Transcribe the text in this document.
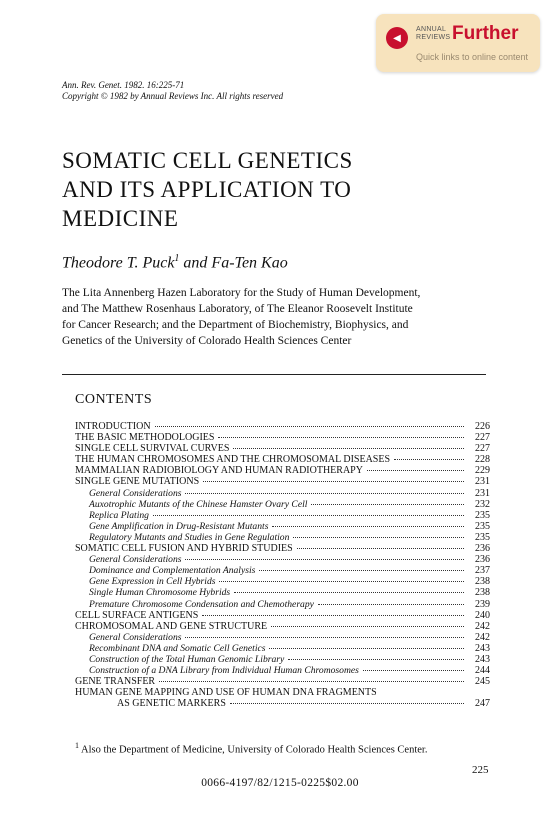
◀
ANNUAL
REVIEWS Further
Quick links to online content
Ann. Rev. Genet. 1982. 16:225-71
Copyright © 1982 by Annual Reviews Inc. All rights reserved
SOMATIC CELL GENETICS
AND ITS APPLICATION TO
MEDICINE
Theodore T. Puck$^1$ and Fa-Ten Kao
The Lita Annenberg Hazen Laboratory for the Study of Human Development,
and The Matthew Rosenhaus Laboratory, of The Eleanor Roosevelt Institute
for Cancer Research; and the Department of Biochemistry, Biophysics, and
Genetics of the University of Colorado Health Sciences Center
CONTENTS
INTRODUCTION	226
THE BASIC METHODOLOGIES	227
SINGLE CELL SURVIVAL CURVES	227
THE HUMAN CHROMOSOMES AND THE CHROMOSOMAL DISEASES	228
MAMMALIAN RADIOBIOLOGY AND HUMAN RADIOTHERAPY	229
SINGLE GENE MUTATIONS	231
General Considerations	231
Auxotrophic Mutants of the Chinese Hamster Ovary Cell	232
Replica Plating	235
Gene Amplification in Drug-Resistant Mutants	235
Regulatory Mutants and Studies in Gene Regulation	235
SOMATIC CELL FUSION AND HYBRID STUDIES	236
General Considerations	236
Dominance and Complementation Analysis	237
Gene Expression in Cell Hybrids	238
Single Human Chromosome Hybrids	238
Premature Chromosome Condensation and Chemotherapy	239
CELL SURFACE ANTIGENS	240
CHROMOSOMAL AND GENE STRUCTURE	242
General Considerations	242
Recombinant DNA and Somatic Cell Genetics	243
Construction of the Total Human Genomic Library	243
Construction of a DNA Library from Individual Human Chromosomes	244
GENE TRANSFER	245
HUMAN GENE MAPPING AND USE OF HUMAN DNA FRAGMENTS
AS GENETIC MARKERS	247
$^1$ Also the Department of Medicine, University of Colorado Health Sciences Center.
225
0066-4197/82/1215-0225$02.00
